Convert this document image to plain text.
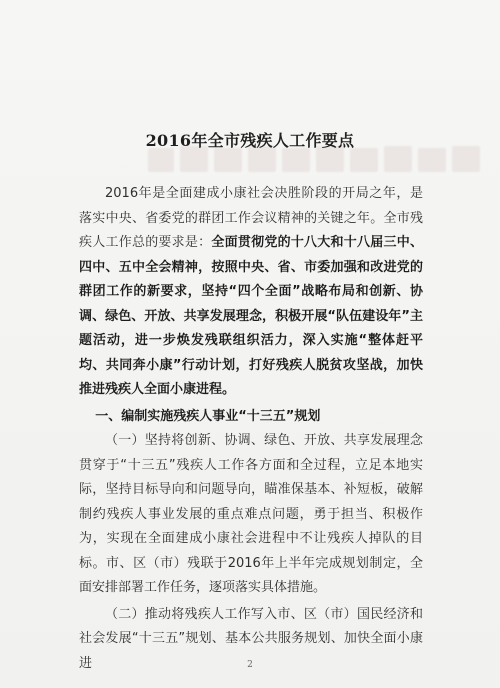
2016年全市残疾人工作要点

2016年是全面建成小康社会决胜阶段的开局之年，是落实中央、省委党的群团工作会议精神的关键之年。全市残疾人工作总的要求是：全面贯彻党的十八大和十八届三中、四中、五中全会精神，按照中央、省、市委加强和改进党的群团工作的新要求，坚持“四个全面”战略布局和创新、协调、绿色、开放、共享发展理念，积极开展“队伍建设年”主题活动，进一步焕发残联组织活力，深入实施“整体赶平均、共同奔小康”行动计划，打好残疾人脱贫攻坚战，加快推进残疾人全面小康进程。

一、编制实施残疾人事业“十三五”规划

（一）坚持将创新、协调、绿色、开放、共享发展理念贯穿于“十三五”残疾人工作各方面和全过程，立足本地实际，坚持目标导向和问题导向，瞄准保基本、补短板，破解制约残疾人事业发展的重点难点问题，勇于担当、积极作为，实现在全面建成小康社会进程中不让残疾人掉队的目标。市、区（市）残联于2016年上半年完成规划制定，全面安排部署工作任务，逐项落实具体措施。

（二）推动将残疾人工作写入市、区（市）国民经济和社会发展“十三五”规划、基本公共服务规划、加快全面小康进	2
